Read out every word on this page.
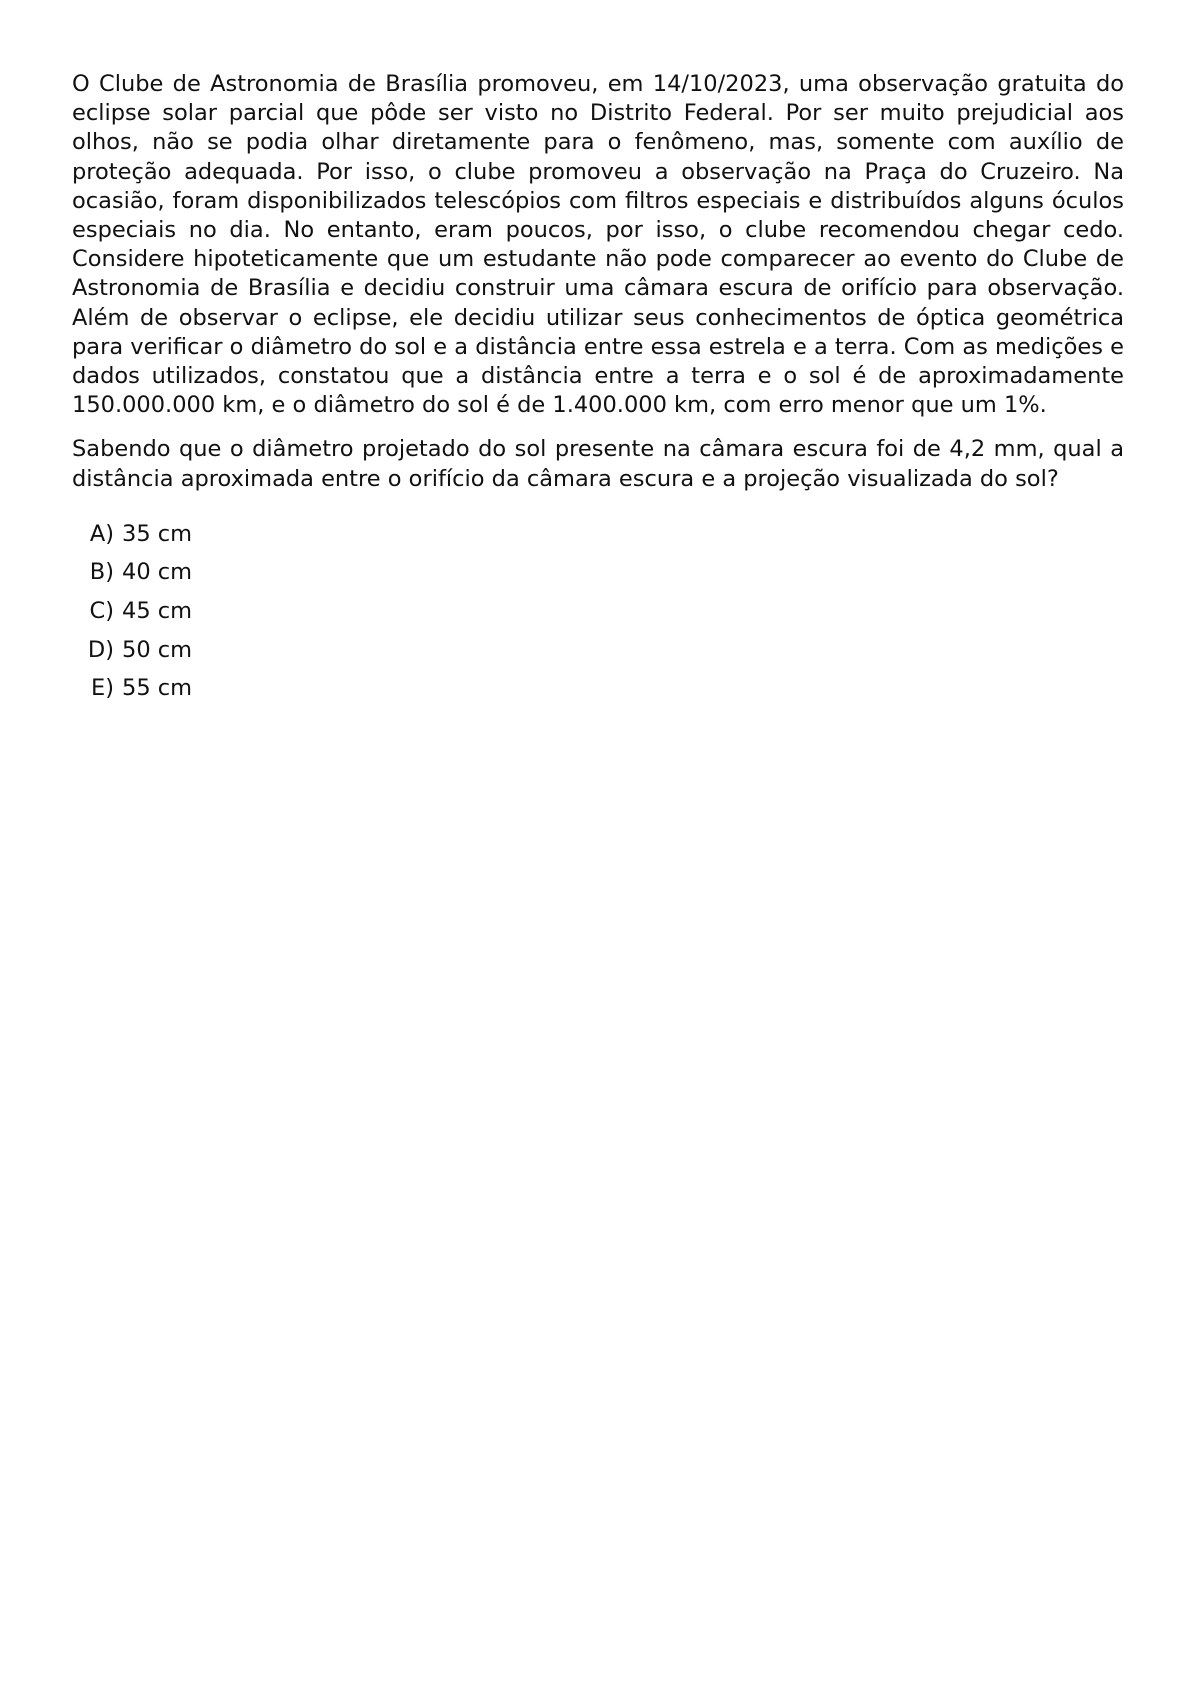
O Clube de Astronomia de Brasília promoveu, em 14/10/2023, uma observação gratuita do eclipse solar parcial que pôde ser visto no Distrito Federal. Por ser muito prejudicial aos olhos, não se podia olhar diretamente para o fenômeno, mas, somente com auxílio de proteção adequada. Por isso, o clube promoveu a observação na Praça do Cruzeiro. Na ocasião, foram disponibilizados telescópios com filtros especiais e distribuídos alguns óculos especiais no dia. No entanto, eram poucos, por isso, o clube recomendou chegar cedo. Considere hipoteticamente que um estudante não pode comparecer ao evento do Clube de Astronomia de Brasília e decidiu construir uma câmara escura de orifício para observação. Além de observar o eclipse, ele decidiu utilizar seus conhecimentos de óptica geométrica para verificar o diâmetro do sol e a distância entre essa estrela e a terra. Com as medições e dados utilizados, constatou que a distância entre a terra e o sol é de aproximadamente 150.000.000 km, e o diâmetro do sol é de 1.400.000 km, com erro menor que um 1%.

Sabendo que o diâmetro projetado do sol presente na câmara escura foi de 4,2 mm, qual a distância aproximada entre o orifício da câmara escura e a projeção visualizada do sol?

A) 35 cm
B) 40 cm
C) 45 cm
D) 50 cm
E) 55 cm
